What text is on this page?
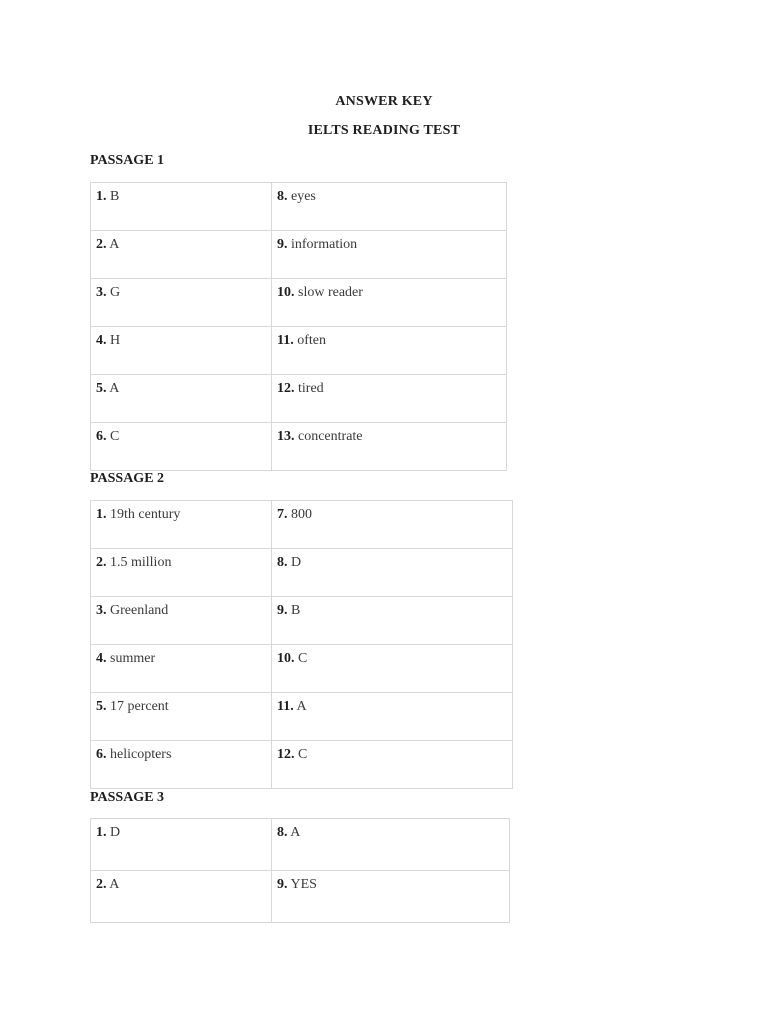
ANSWER KEY
IELTS READING TEST
PASSAGE 1
1. B	8. eyes
2. A	9. information
3. G	10. slow reader
4. H	11. often
5. A	12. tired
6. C	13. concentrate
PASSAGE 2
1. 19th century	7. 800
2. 1.5 million	8. D
3. Greenland	9. B
4. summer	10. C
5. 17 percent	11. A
6. helicopters	12. C
PASSAGE 3
1. D	8. A
2. A	9. YES
